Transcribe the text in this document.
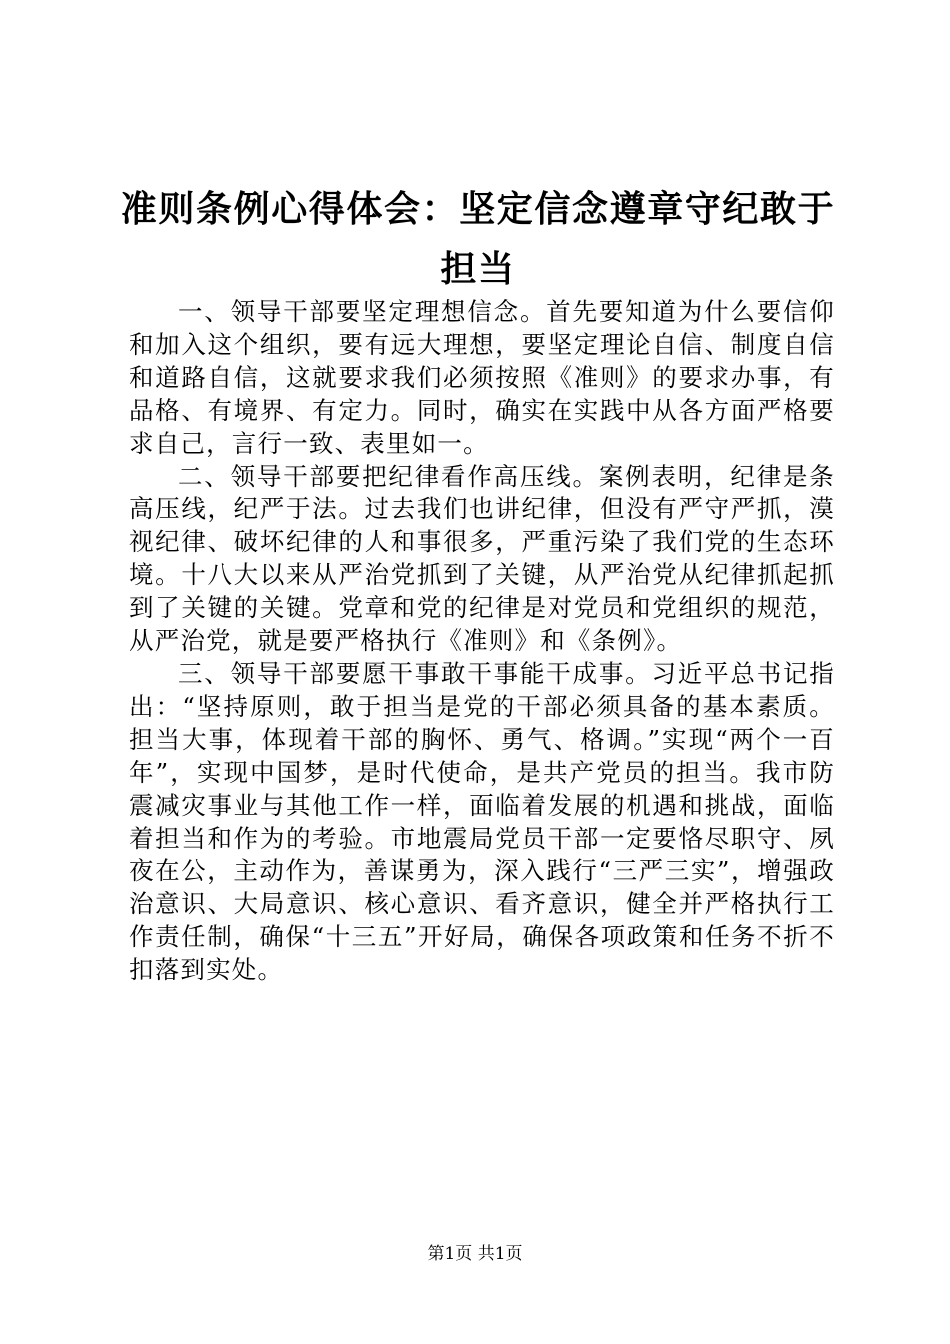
准则条例心得体会：坚定信念遵章守纪敢于担当

一、领导干部要坚定理想信念。首先要知道为什么要信仰和加入这个组织，要有远大理想，要坚定理论自信、制度自信和道路自信，这就要求我们必须按照《准则》的要求办事，有品格、有境界、有定力。同时，确实在实践中从各方面严格要求自己，言行一致、表里如一。

二、领导干部要把纪律看作高压线。案例表明，纪律是条高压线，纪严于法。过去我们也讲纪律，但没有严守严抓，漠视纪律、破坏纪律的人和事很多，严重污染了我们党的生态环境。十八大以来从严治党抓到了关键，从严治党从纪律抓起抓到了关键的关键。党章和党的纪律是对党员和党组织的规范，从严治党，就是要严格执行《准则》和《条例》。

三、领导干部要愿干事敢干事能干成事。习近平总书记指出：“坚持原则，敢于担当是党的干部必须具备的基本素质。担当大事，体现着干部的胸怀、勇气、格调。”实现“两个一百年”，实现中国梦，是时代使命，是共产党员的担当。我市防震减灾事业与其他工作一样，面临着发展的机遇和挑战，面临着担当和作为的考验。市地震局党员干部一定要恪尽职守、夙夜在公，主动作为，善谋勇为，深入践行“三严三实”，增强政治意识、大局意识、核心意识、看齐意识，健全并严格执行工作责任制，确保“十三五”开好局，确保各项政策和任务不折不扣落到实处。

第1页 共1页
